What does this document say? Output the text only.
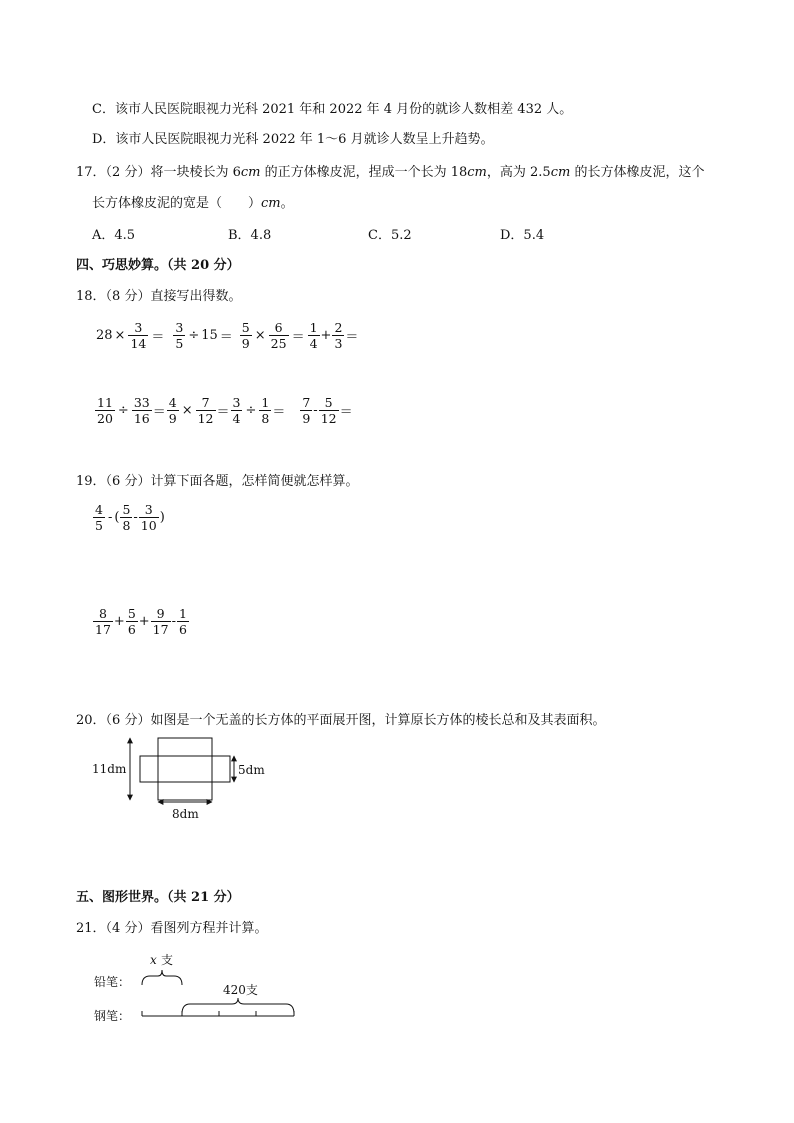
C．该市人民医院眼视力光科 2021 年和 2022 年 4 月份的就诊人数相差 432 人。
D．该市人民医院眼视力光科 2022 年 1～6 月就诊人数呈上升趋势。
17．（2 分）将一块棱长为 6cm 的正方体橡皮泥，捏成一个长为 18cm，高为 2.5cm 的长方体橡皮泥，这个
长方体橡皮泥的宽是（　　）cm。
A．4.5	B．4.8	C．5.2	D．5.4
四、巧思妙算。（共 20 分）
18．（8 分）直接写出得数。
$28 \times \frac{3}{14} = \frac{3}{5} \div 15 = \frac{5}{9} \times \frac{6}{25} = \frac{1}{4} + \frac{2}{3}$ ＝
$\frac{11}{20} \div \frac{33}{16} = \frac{4}{9} \times \frac{7}{12} = \frac{3}{4} \div \frac{1}{8} = \frac{7}{9} - \frac{5}{12}$ ＝
19．（6 分）计算下面各题，怎样简便就怎样算。
$\frac{4}{5}$ - ( $\frac{5}{8} - \frac{3}{10}$ )
$\frac{8}{17} + \frac{5}{6} + \frac{9}{17} - \frac{1}{6}$
20．（6 分）如图是一个无盖的长方体的平面展开图，计算原长方体的棱长总和及其表面积。
11dm	5dm
8dm
五、图形世界。（共 21 分）
21．（4 分）看图列方程并计算。
x 支
铅笔：
420支
钢笔：
